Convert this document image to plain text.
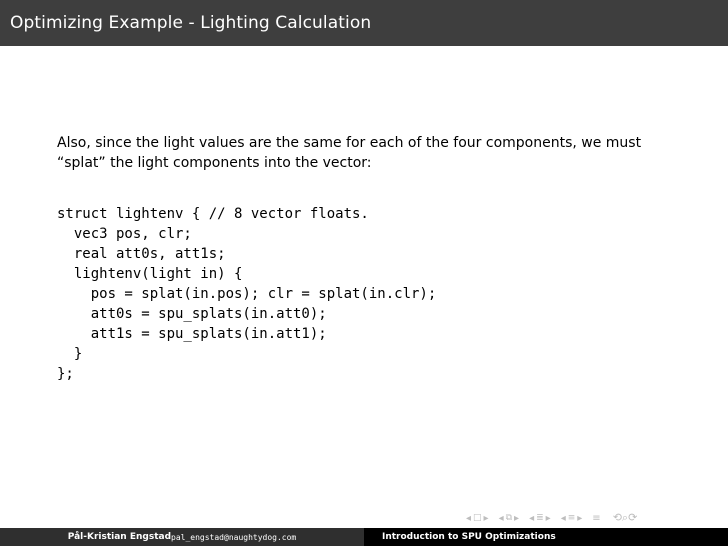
Optimizing Example - Lighting Calculation
Also, since the light values are the same for each of the four components, we must “splat” the light components into the vector:
struct lightenv { // 8 vector floats.
vec3 pos, clr;
real att0s, att1s;
lightenv(light in) {
pos = splat(in.pos); clr = splat(in.clr);
att0s = spu_splats(in.att0);
att1s = spu_splats(in.att1);
}
};
◂ □ ▸ ◂ ⧉ ▸ ◂ ≣ ▸ ◂ ≡ ▸ ≡ ⟲⌕⟳
Pål-Kristian Engstad pal_engstad@naughtydog.com	Introduction to SPU Optimizations
